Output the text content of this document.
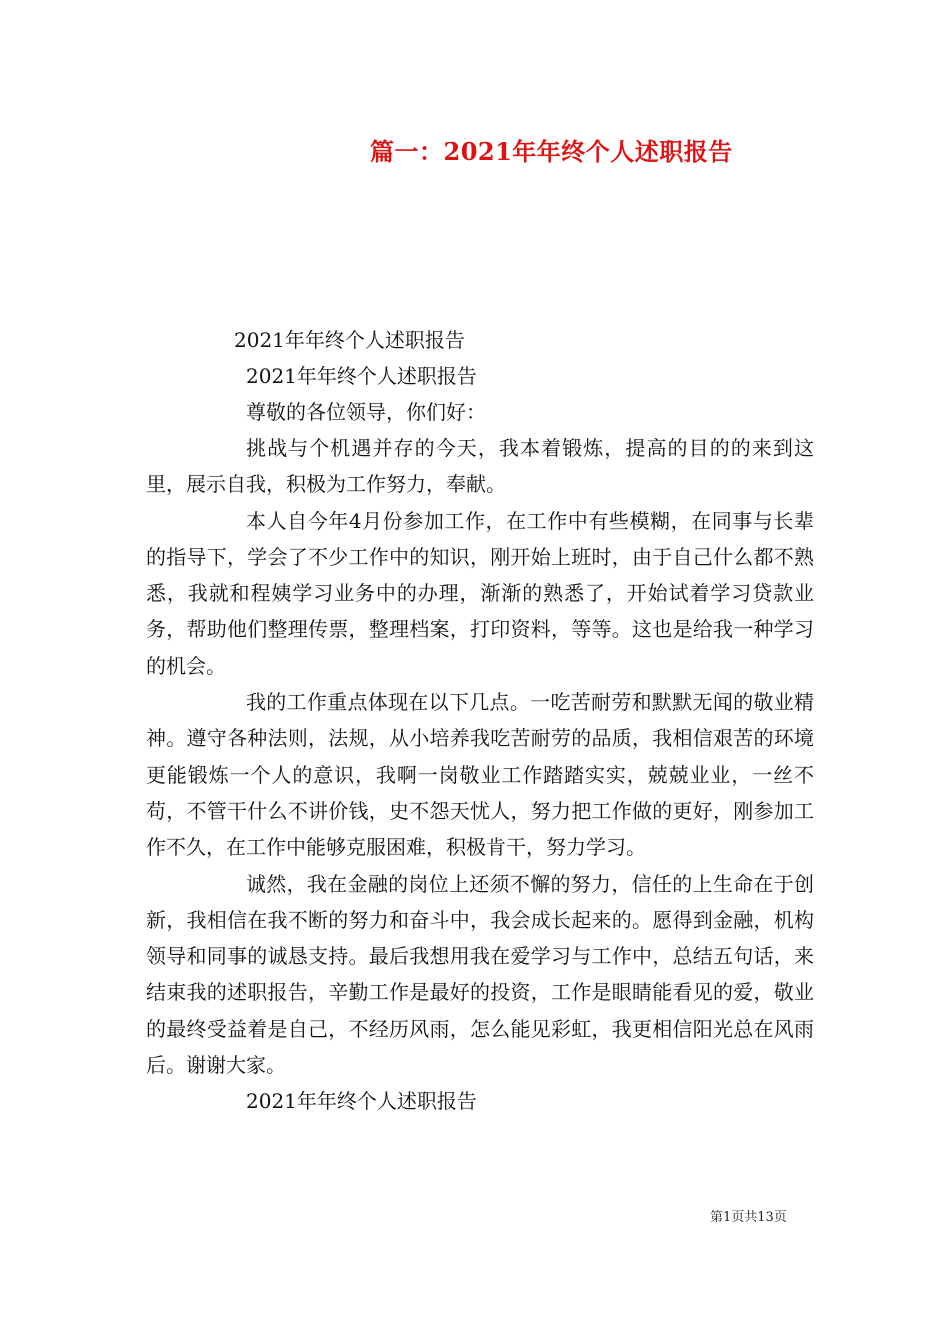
篇一：2021年年终个人述职报告
2021年年终个人述职报告
2021年年终个人述职报告
尊敬的各位领导，你们好：

挑战与个机遇并存的今天，我本着锻炼，提高的目的的来到这里，展示自我，积极为工作努力，奉献。

本人自今年4月份参加工作，在工作中有些模糊，在同事与长辈的指导下，学会了不少工作中的知识，刚开始上班时，由于自己什么都不熟悉，我就和程姨学习业务中的办理，渐渐的熟悉了，开始试着学习贷款业务，帮助他们整理传票，整理档案，打印资料，等等。这也是给我一种学习的机会。

我的工作重点体现在以下几点。一吃苦耐劳和默默无闻的敬业精神。遵守各种法则，法规，从小培养我吃苦耐劳的品质，我相信艰苦的环境更能锻炼一个人的意识，我啊一岗敬业工作踏踏实实，兢兢业业，一丝不苟，不管干什么不讲价钱，史不怨天忧人，努力把工作做的更好，刚参加工作不久，在工作中能够克服困难，积极肯干，努力学习。

诚然，我在金融的岗位上还须不懈的努力，信任的上生命在于创新，我相信在我不断的努力和奋斗中，我会成长起来的。愿得到金融，机构领导和同事的诚恳支持。最后我想用我在爱学习与工作中，总结五句话，来结束我的述职报告，辛勤工作是最好的投资，工作是眼睛能看见的爱，敬业的最终受益着是自己，不经历风雨，怎么能见彩虹，我更相信阳光总在风雨后。谢谢大家。

2021年年终个人述职报告
第1页共13页
